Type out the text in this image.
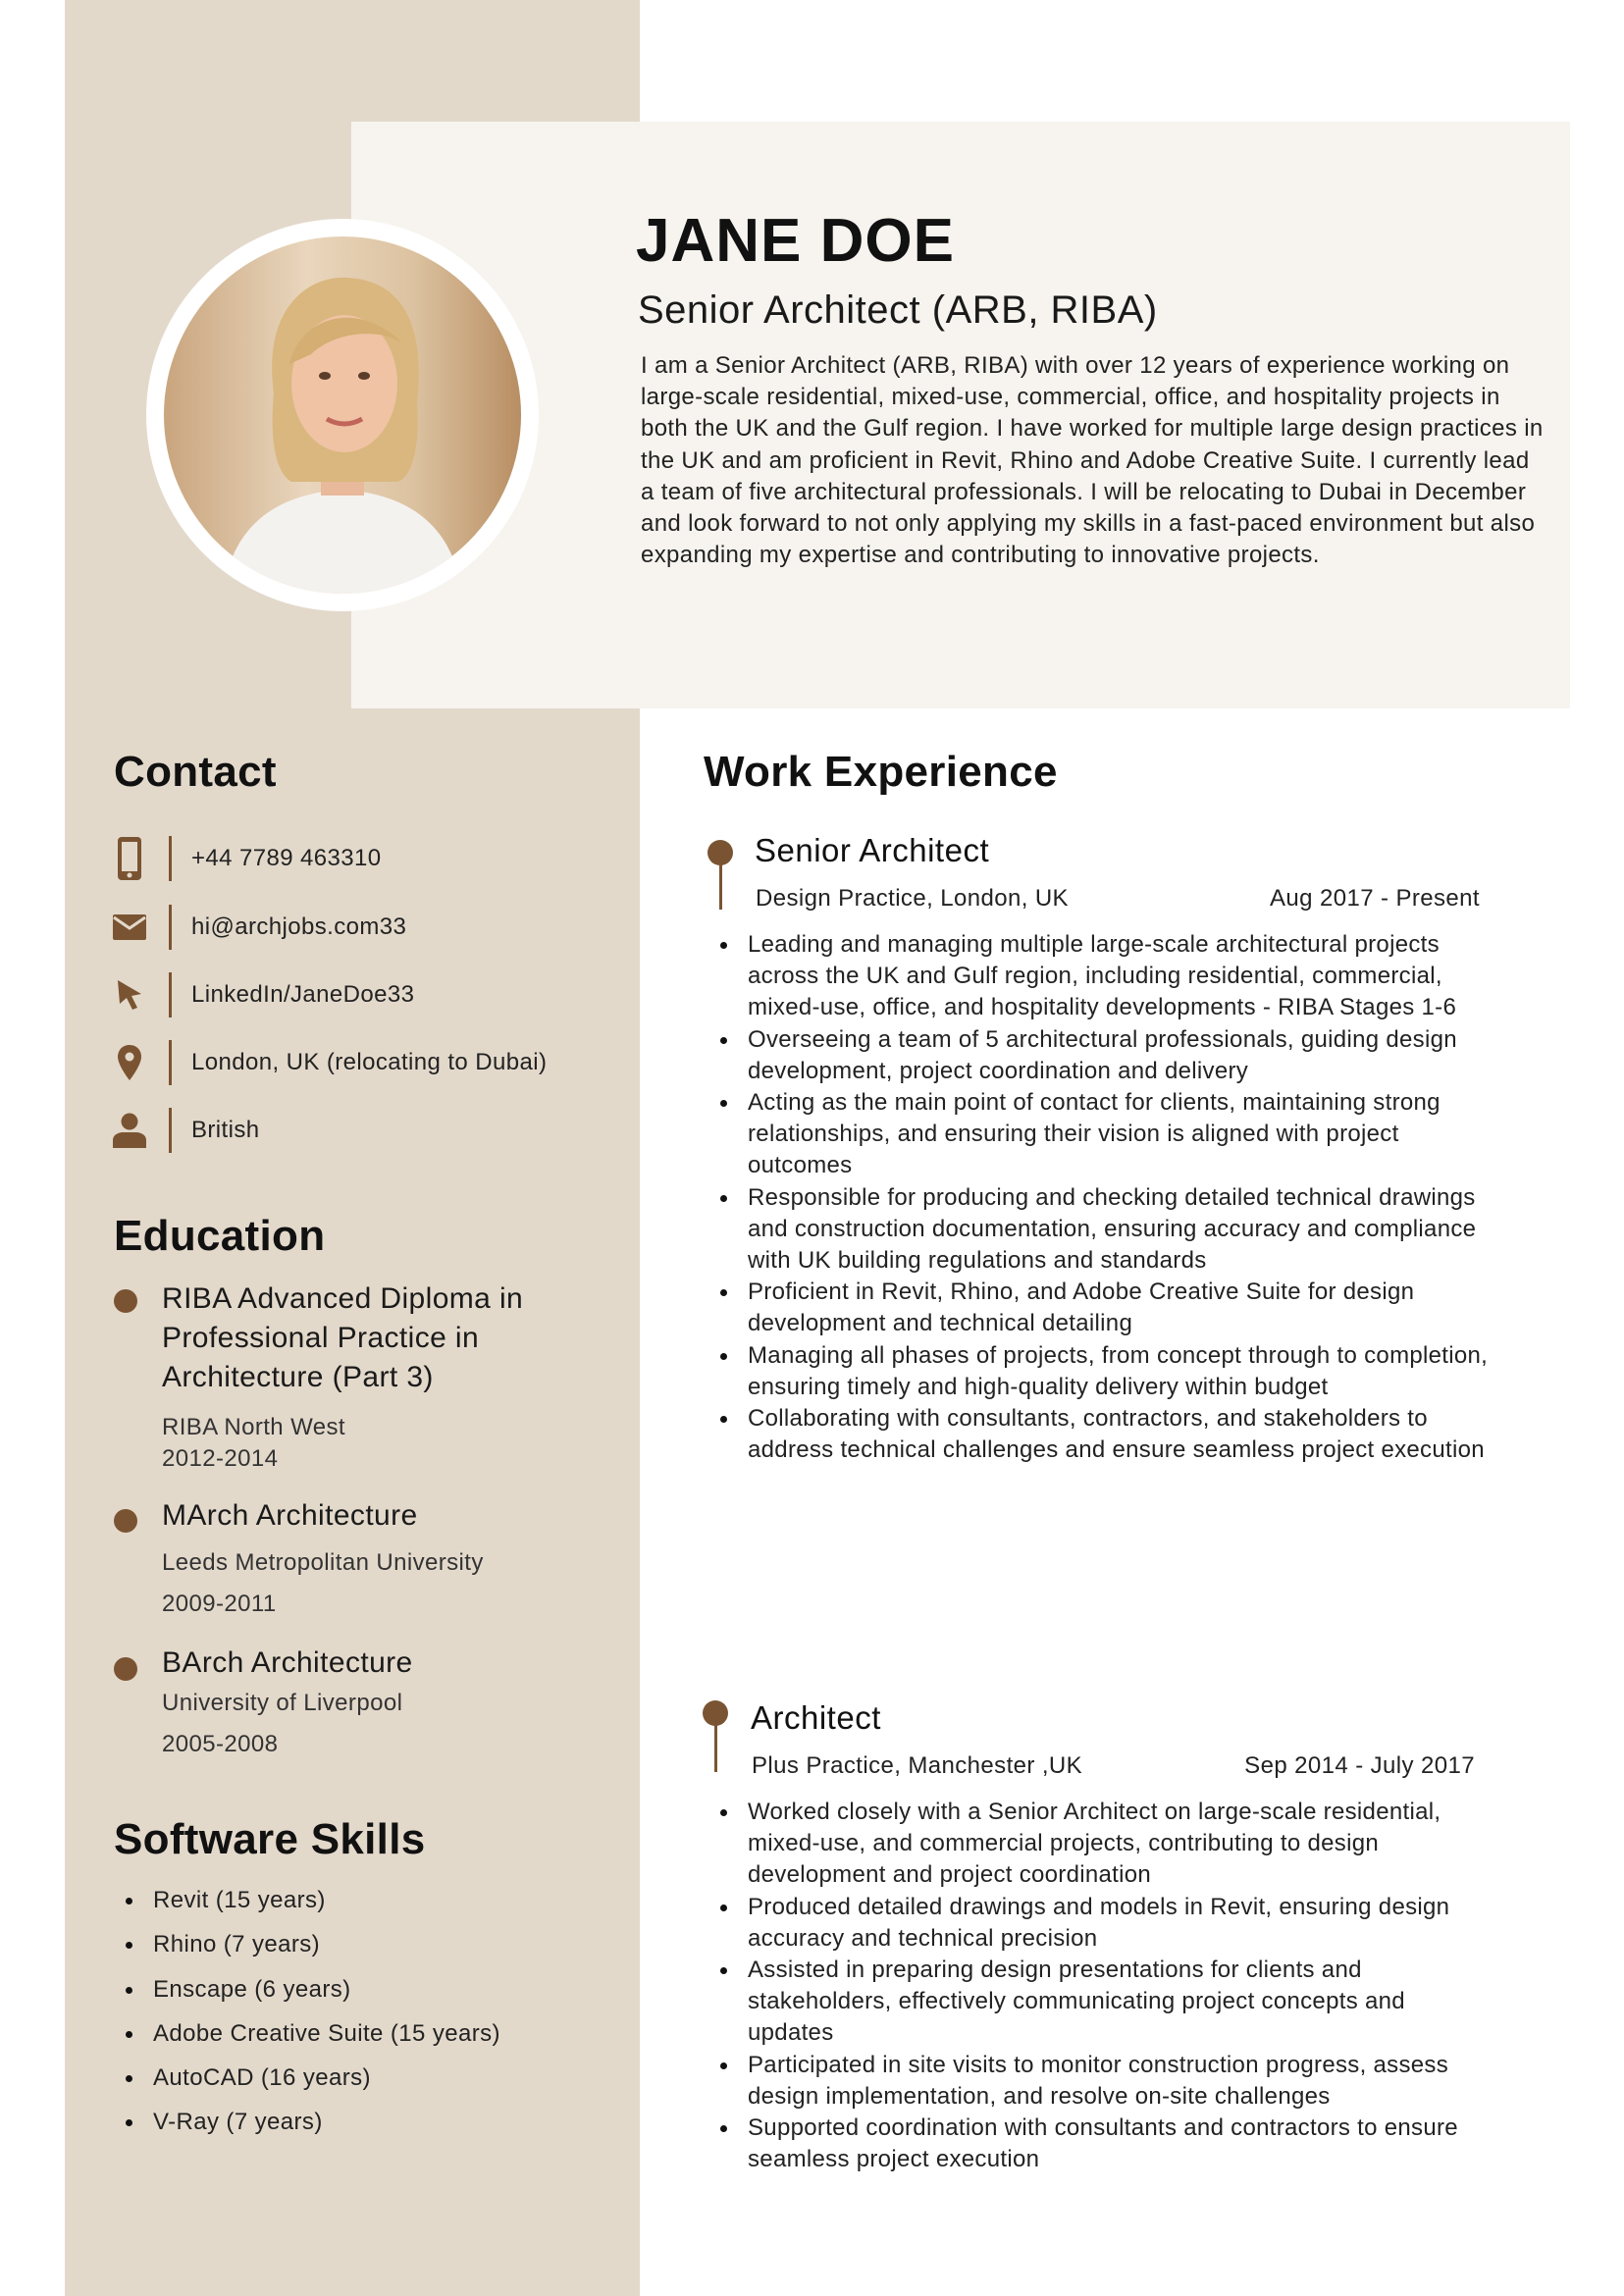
JANE DOE
Senior Architect (ARB, RIBA)
I am a Senior Architect (ARB, RIBA) with over 12 years of experience working on large-scale residential, mixed-use, commercial, office, and hospitality projects in both the UK and the Gulf region. I have worked for multiple large design practices in the UK and am proficient in Revit, Rhino and Adobe Creative Suite. I currently lead a team of five architectural professionals. I will be relocating to Dubai in December and look forward to not only applying my skills in a fast-paced environment but also expanding my expertise and contributing to innovative projects.
Contact
+44 7789 463310
hi@archjobs.com33
LinkedIn/JaneDoe33
London, UK (relocating to Dubai)
British
Education
RIBA Advanced Diploma in Professional Practice in Architecture (Part 3)
RIBA North West
2012-2014
MArch Architecture
Leeds Metropolitan University
2009-2011
BArch Architecture
University of Liverpool
2005-2008
Software Skills
Revit (15 years)
Rhino (7 years)
Enscape (6 years)
Adobe Creative Suite (15 years)
AutoCAD (16 years)
V-Ray (7 years)
Work Experience
Senior Architect
Design Practice, London, UK	Aug 2017 - Present
Leading and managing multiple large-scale architectural projects across the UK and Gulf region, including residential, commercial, mixed-use, office, and hospitality developments - RIBA Stages 1-6
Overseeing a team of 5 architectural professionals, guiding design development, project coordination and delivery
Acting as the main point of contact for clients, maintaining strong relationships, and ensuring their vision is aligned with project outcomes
Responsible for producing and checking detailed technical drawings and construction documentation, ensuring accuracy and compliance with UK building regulations and standards
Proficient in Revit, Rhino, and Adobe Creative Suite for design development and technical detailing
Managing all phases of projects, from concept through to completion, ensuring timely and high-quality delivery within budget
Collaborating with consultants, contractors, and stakeholders to address technical challenges and ensure seamless project execution
Architect
Plus Practice, Manchester ,UK	Sep 2014 - July 2017
Worked closely with a Senior Architect on large-scale residential, mixed-use, and commercial projects, contributing to design development and project coordination
Produced detailed drawings and models in Revit, ensuring design accuracy and technical precision
Assisted in preparing design presentations for clients and stakeholders, effectively communicating project concepts and updates
Participated in site visits to monitor construction progress, assess design implementation, and resolve on-site challenges
Supported coordination with consultants and contractors to ensure seamless project execution
